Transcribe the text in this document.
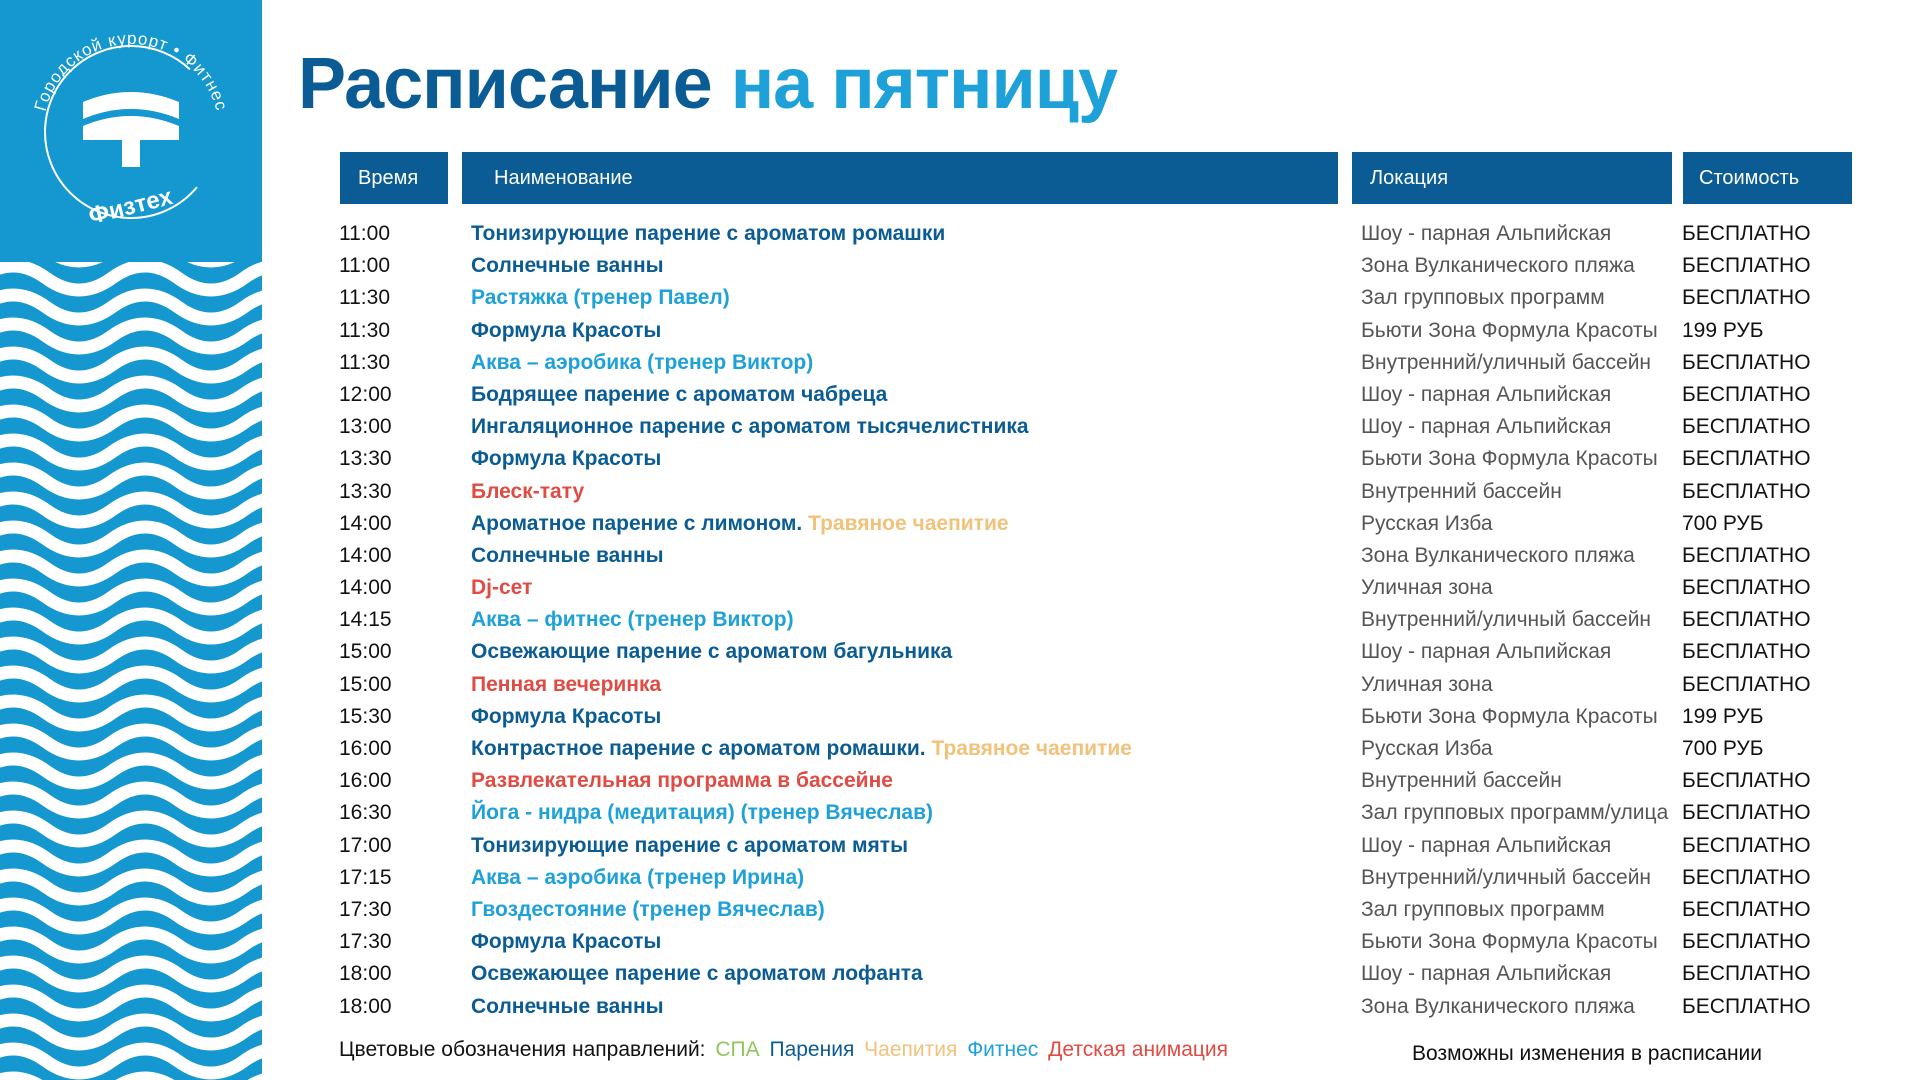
Городской курорт • Фитнес
Физтех
Расписание на пятницу
Время	Наименование	Локация	Стоимость
11:00	Тонизирующие парение с ароматом ромашки	Шоу - парная Альпийская	БЕСПЛАТНО
11:00	Солнечные ванны	Зона Вулканического пляжа	БЕСПЛАТНО
11:30	Растяжка (тренер Павел)	Зал групповых программ	БЕСПЛАТНО
11:30	Формула Красоты	Бьюти Зона Формула Красоты	199 РУБ
11:30	Аква – аэробика (тренер Виктор)	Внутренний/уличный бассейн	БЕСПЛАТНО
12:00	Бодрящее парение с ароматом чабреца	Шоу - парная Альпийская	БЕСПЛАТНО
13:00	Ингаляционное парение с ароматом тысячелистника	Шоу - парная Альпийская	БЕСПЛАТНО
13:30	Формула Красоты	Бьюти Зона Формула Красоты	БЕСПЛАТНО
13:30	Блеск-тату	Внутренний бассейн	БЕСПЛАТНО
14:00	Ароматное парение с лимоном. Травяное чаепитие	Русская Изба	700 РУБ
14:00	Солнечные ванны	Зона Вулканического пляжа	БЕСПЛАТНО
14:00	Dj-сет	Уличная зона	БЕСПЛАТНО
14:15	Аква – фитнес (тренер Виктор)	Внутренний/уличный бассейн	БЕСПЛАТНО
15:00	Освежающие парение с ароматом багульника	Шоу - парная Альпийская	БЕСПЛАТНО
15:00	Пенная вечеринка	Уличная зона	БЕСПЛАТНО
15:30	Формула Красоты	Бьюти Зона Формула Красоты	199 РУБ
16:00	Контрастное парение с ароматом ромашки. Травяное чаепитие	Русская Изба	700 РУБ
16:00	Развлекательная программа в бассейне	Внутренний бассейн	БЕСПЛАТНО
16:30	Йога - нидра (медитация) (тренер Вячеслав)	Зал групповых программ/улица БЕСПЛАТНО
17:00	Тонизирующие парение с ароматом мяты	Шоу - парная Альпийская	БЕСПЛАТНО
17:15	Аква – аэробика (тренер Ирина)	Внутренний/уличный бассейн	БЕСПЛАТНО
17:30	Гвоздестояние (тренер Вячеслав)	Зал групповых программ	БЕСПЛАТНО
17:30	Формула Красоты	Бьюти Зона Формула Красоты	БЕСПЛАТНО
18:00	Освежающее парение с ароматом лофанта	Шоу - парная Альпийская	БЕСПЛАТНО
18:00	Солнечные ванны	Зона Вулканического пляжа	БЕСПЛАТНО
Цветовые обозначения направлений: СПА Парения Чаепития Фитнес Детская анимация	Возможны изменения в расписании
